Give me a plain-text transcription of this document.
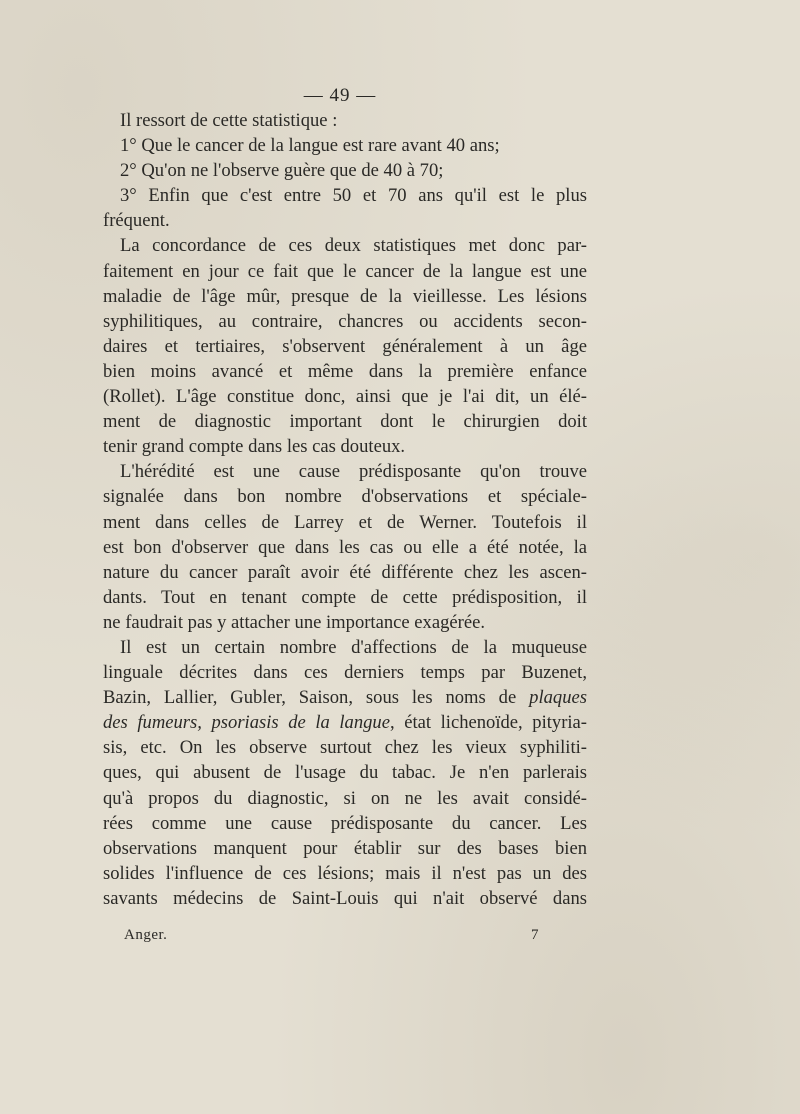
— 49 —
Il ressort de cette statistique :
1° Que le cancer de la langue est rare avant 40 ans;
2° Qu'on ne l'observe guère que de 40 à 70;
3° Enfin que c'est entre 50 et 70 ans qu'il est le plus
fréquent.
La concordance de ces deux statistiques met donc par-
faitement en jour ce fait que le cancer de la langue est une
maladie de l'âge mûr, presque de la vieillesse. Les lésions
syphilitiques, au contraire, chancres ou accidents secon-
daires et tertiaires, s'observent généralement à un âge
bien moins avancé et même dans la première enfance
(Rollet). L'âge constitue donc, ainsi que je l'ai dit, un élé-
ment de diagnostic important dont le chirurgien doit
tenir grand compte dans les cas douteux.
L'hérédité est une cause prédisposante qu'on trouve
signalée dans bon nombre d'observations et spéciale-
ment dans celles de Larrey et de Werner. Toutefois il
est bon d'observer que dans les cas ou elle a été notée, la
nature du cancer paraît avoir été différente chez les ascen-
dants. Tout en tenant compte de cette prédisposition, il
ne faudrait pas y attacher une importance exagérée.
Il est un certain nombre d'affections de la muqueuse
linguale décrites dans ces derniers temps par Buzenet,
Bazin, Lallier, Gubler, Saison, sous les noms de plaques
des fumeurs, psoriasis de la langue, état lichenoïde, pityria-
sis, etc. On les observe surtout chez les vieux syphiliti-
ques, qui abusent de l'usage du tabac. Je n'en parlerais
qu'à propos du diagnostic, si on ne les avait considé-
rées comme une cause prédisposante du cancer. Les
observations manquent pour établir sur des bases bien
solides l'influence de ces lésions; mais il n'est pas un des
savants médecins de Saint-Louis qui n'ait observé dans
Anger.	7
